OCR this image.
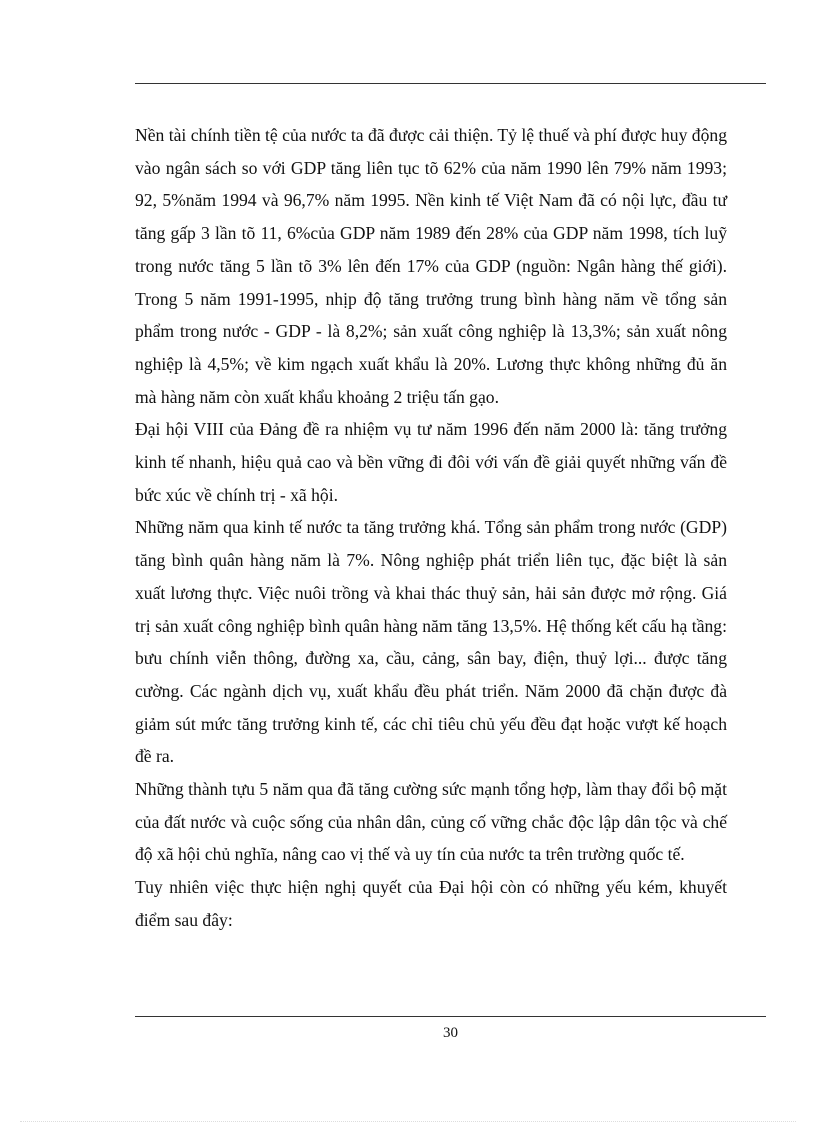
Nền tài chính tiền tệ của nước ta đã được cải thiện. Tỷ lệ thuế và phí được huy động vào ngân sách so với GDP tăng liên tục tõ 62% của năm 1990 lên 79% năm 1993; 92, 5%năm 1994 và 96,7% năm 1995. Nền kinh tế Việt Nam đã có nội lực, đầu tư tăng gấp 3 lần tõ 11, 6%của GDP năm 1989 đến 28% của GDP năm 1998, tích luỹ trong nước tăng 5 lần tõ 3% lên đến 17% của GDP (nguồn: Ngân hàng thế giới). Trong 5 năm 1991-1995, nhịp độ tăng trưởng trung bình hàng năm về tổng sản phẩm trong nước - GDP - là 8,2%; sản xuất công nghiệp là 13,3%; sản xuất nông nghiệp là 4,5%; về kim ngạch xuất khẩu là 20%. Lương thực không những đủ ăn mà hàng năm còn xuất khẩu khoảng 2 triệu tấn gạo.

Đại hội VIII của Đảng đề ra nhiệm vụ tư năm 1996 đến năm 2000 là: tăng trưởng kinh tế nhanh, hiệu quả cao và bền vững đi đôi với vấn đề giải quyết những vấn đề bức xúc về chính trị - xã hội.

Những năm qua kinh tế nước ta tăng trưởng khá. Tổng sản phẩm trong nước (GDP) tăng bình quân hàng năm là 7%. Nông nghiệp phát triển liên tục, đặc biệt là sản xuất lương thực. Việc nuôi trồng và khai thác thuỷ sản, hải sản được mở rộng. Giá trị sản xuất công nghiệp bình quân hàng năm tăng 13,5%. Hệ thống kết cấu hạ tầng: bưu chính viễn thông, đường xa, cầu, cảng, sân bay, điện, thuỷ lợi... được tăng cường. Các ngành dịch vụ, xuất khẩu đều phát triển. Năm 2000 đã chặn được đà giảm sút mức tăng trưởng kinh tế, các chỉ tiêu chủ yếu đều đạt hoặc vượt kế hoạch đề ra.

Những thành tựu 5 năm qua đã tăng cường sức mạnh tổng hợp, làm thay đổi bộ mặt của đất nước và cuộc sống của nhân dân, củng cố vững chắc độc lập dân tộc và chế độ xã hội chủ nghĩa, nâng cao vị thế và uy tín của nước ta trên trường quốc tế.

Tuy nhiên việc thực hiện nghị quyết của Đại hội còn có những yếu kém, khuyết điểm sau đây:

30
